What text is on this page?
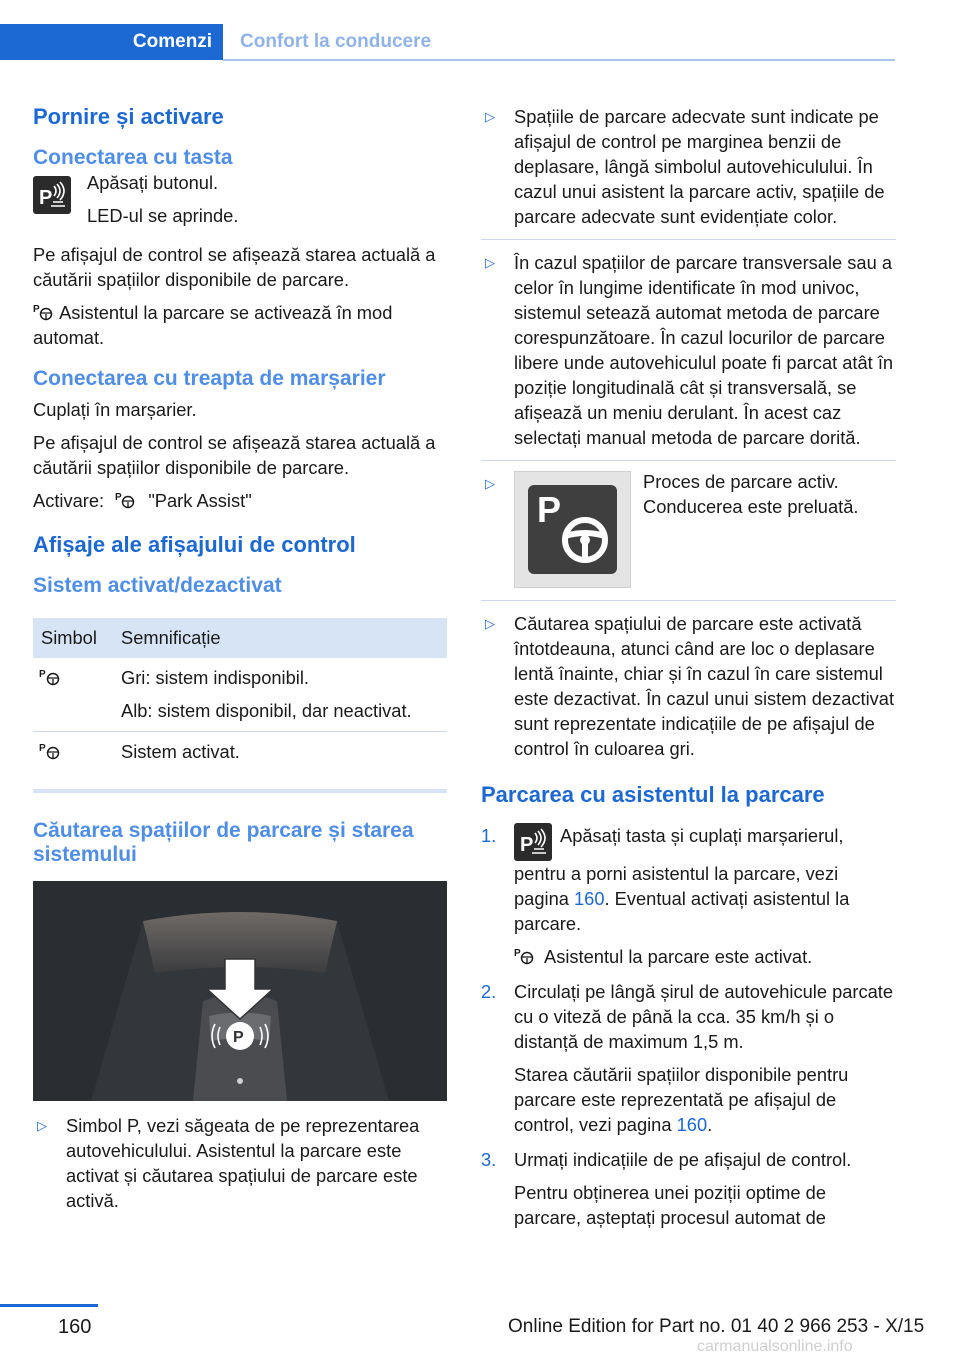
Comenzi	Confort la conducere
Pornire și activare
Conectarea cu tasta
P
Apăsați butonul.
LED-ul se aprinde.
Pe afișajul de control se afișează starea actuală a căutării spațiilor disponibile de parcare.
P Asistentul la parcare se activează în mod automat.
Conectarea cu treapta de marșarier
Cuplați în marșarier.
Pe afișajul de control se afișează starea actuală a căutării spațiilor disponibile de parcare.
Activare: P "Park Assist"
Afișaje ale afișajului de control
Sistem activat/dezactivat
Simbol	Semnificație
P	Gri: sistem indisponibil.
Alb: sistem disponibil, dar neactivat.
P	Sistem activat.
Căutarea spațiilor de parcare și starea sistemului
P
▷	Simbol P, vezi săgeata de pe reprezentarea autovehiculului. Asistentul la parcare este activat și căutarea spațiului de parcare este activă.
▷	Spațiile de parcare adecvate sunt indicate pe afișajul de control pe marginea benzii de deplasare, lângă simbolul autovehiculului. În cazul unui asistent la parcare activ, spațiile de parcare adecvate sunt evidențiate color.
▷	În cazul spațiilor de parcare transversale sau a celor în lungime identificate în mod univoc, sistemul setează automat metoda de parcare corespunzătoare. În cazul locurilor de parcare libere unde autovehiculul poate fi parcat atât în poziție longitudinală cât și transversală, se afișează un meniu derulant. În acest caz selectați manual metoda de parcare dorită.
▷
P
Proces de parcare activ. Conducerea este preluată.
▷	Căutarea spațiului de parcare este activată întotdeauna, atunci când are loc o deplasare lentă înainte, chiar și în cazul în care sistemul este dezactivat. În cazul unui sistem dezactivat sunt reprezentate indicațiile de pe afișajul de control în culoarea gri.
Parcarea cu asistentul la parcare
1.	P Apăsați tasta și cuplați marșarierul, pentru a porni asistentul la parcare, vezi pagina 160. Eventual activați asistentul la parcare.
P Asistentul la parcare este activat.
2. Circulați pe lângă șirul de autovehicule parcate cu o viteză de până la cca. 35 km/h și o distanță de maximum 1,5 m.
Starea căutării spațiilor disponibile pentru parcare este reprezentată pe afișajul de control, vezi pagina 160.
3. Urmați indicațiile de pe afișajul de control.
Pentru obținerea unei poziții optime de parcare, așteptați procesul automat de
160	Online Edition for Part no. 01 40 2 966 253 - X/15
carmanualsonline.info
